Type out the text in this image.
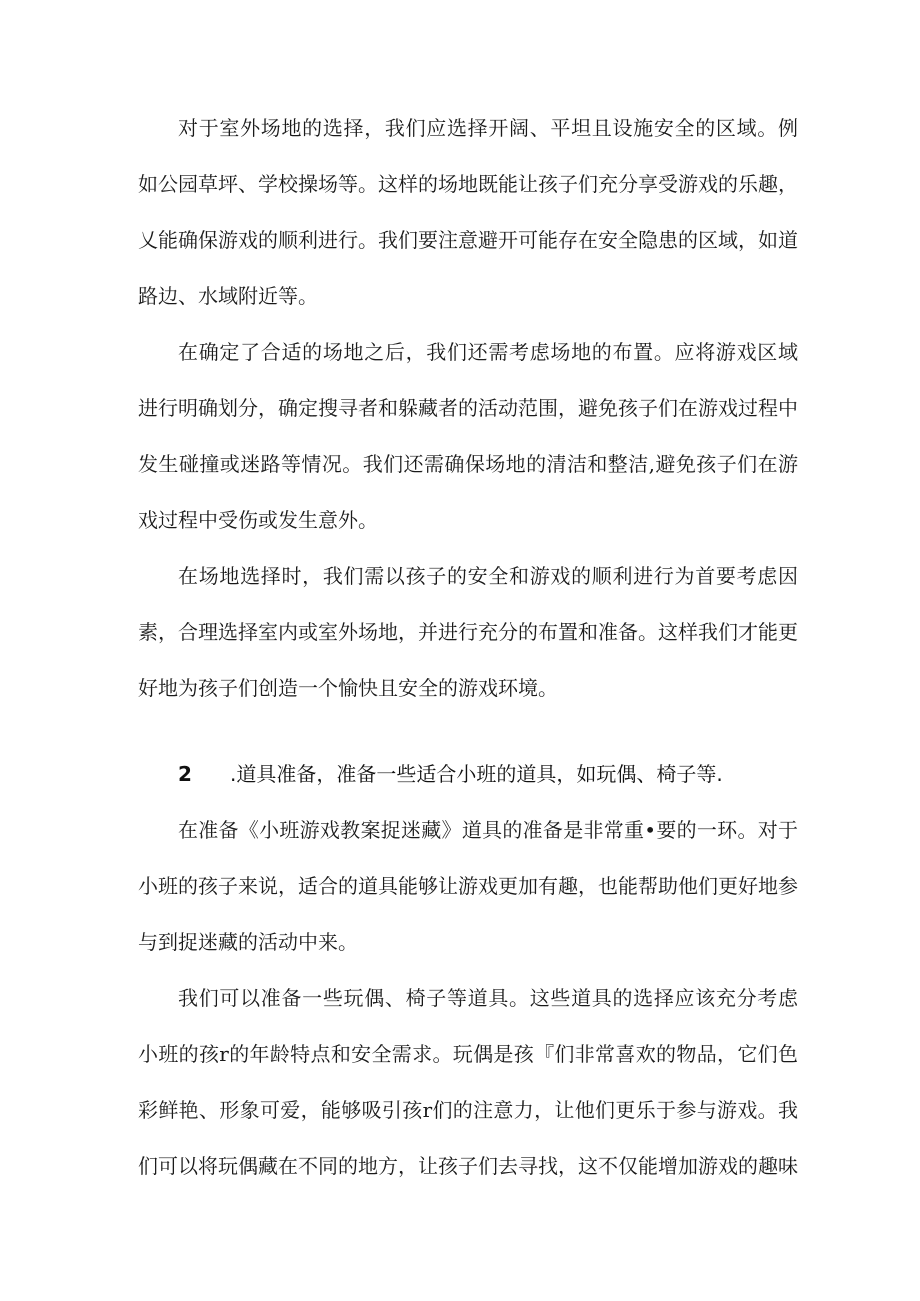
对于室外场地的选择，我们应选择开阔、平坦且设施安全的区域。例
如公园草坪、学校操场等。这样的场地既能让孩子们充分享受游戏的乐趣，
乂能确保游戏的顺利进行。我们要注意避开可能存在安全隐患的区域，如道
路边、水域附近等。
在确定了合适的场地之后，我们还需考虑场地的布置。应将游戏区域
进行明确划分，确定搜寻者和躲藏者的活动范围，避免孩子们在游戏过程中
发生碰撞或迷路等情况。我们还需确保场地的清洁和整洁,避免孩子们在游
戏过程中受伤或发生意外。
在场地选择时，我们需以孩子的安全和游戏的顺利进行为首要考虑因
素，合理选择室内或室外场地，并进行充分的布置和准备。这样我们才能更
好地为孩子们创造一个愉快且安全的游戏环境。
2 .道具准备，准备一些适合小班的道具，如玩偶、椅子等.
在准备《小班游戏教案捉迷藏》道具的准备是非常重•要的一环。对于
小班的孩子来说，适合的道具能够让游戏更加有趣，也能帮助他们更好地参
与到捉迷藏的活动中来。
我们可以准备一些玩偶、椅子等道具。这些道具的选择应该充分考虑
小班的孩r的年龄特点和安全需求。玩偶是孩『们非常喜欢的物品，它们色
彩鲜艳、形象可爱，能够吸引孩r们的注意力，让他们更乐于参与游戏。我
们可以将玩偶藏在不同的地方，让孩子们去寻找，这不仅能增加游戏的趣味
